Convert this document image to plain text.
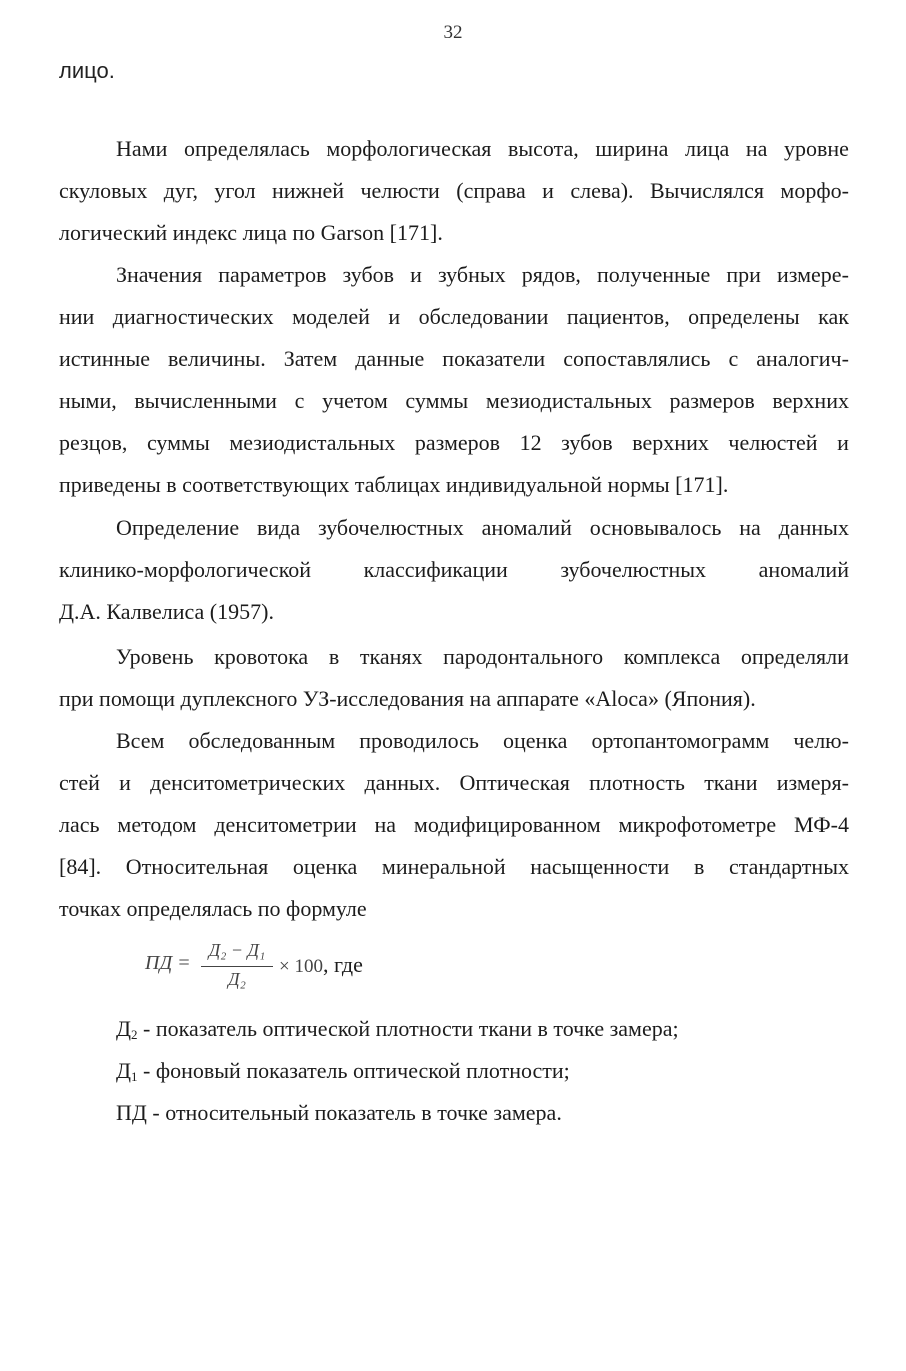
32
лицо.
Нами определялась морфологическая высота, ширина лица на уровне
скуловых дуг, угол нижней челюсти (справа и слева). Вычислялся морфо-
логический индекс лица по Garson [171].
Значения параметров зубов и зубных рядов, полученные при измере-
нии диагностических моделей и обследовании пациентов, определены как
истинные величины. Затем данные показатели сопоставлялись с аналогич-
ными, вычисленными с учетом суммы мезиодистальных размеров верхних
резцов, суммы мезиодистальных размеров 12 зубов верхних челюстей и
приведены в соответствующих таблицах индивидуальной нормы [171].
Определение вида зубочелюстных аномалий основывалось на данных
клинико-морфологической классификации зубочелюстных аномалий
Д.А. Калвелиса (1957).
Уровень кровотока в тканях пародонтального комплекса определяли
при помощи дуплексного УЗ-исследования на аппарате «Aloca» (Япония).
Всем обследованным проводилось оценка ортопантомограмм челю-
стей и денситометрических данных. Оптическая плотность ткани измеря-
лась методом денситометрии на модифицированном микрофотометре МФ-4
[84]. Относительная оценка минеральной насыщенности в стандартных
точках определялась по формуле
ПД =
Д₂ − Д₁
Д₂
× 100, где
$Д_2$ - показатель оптической плотности ткани в точке замера;
$Д_1$ - фоновый показатель оптической плотности;
ПД - относительный показатель в точке замера.
